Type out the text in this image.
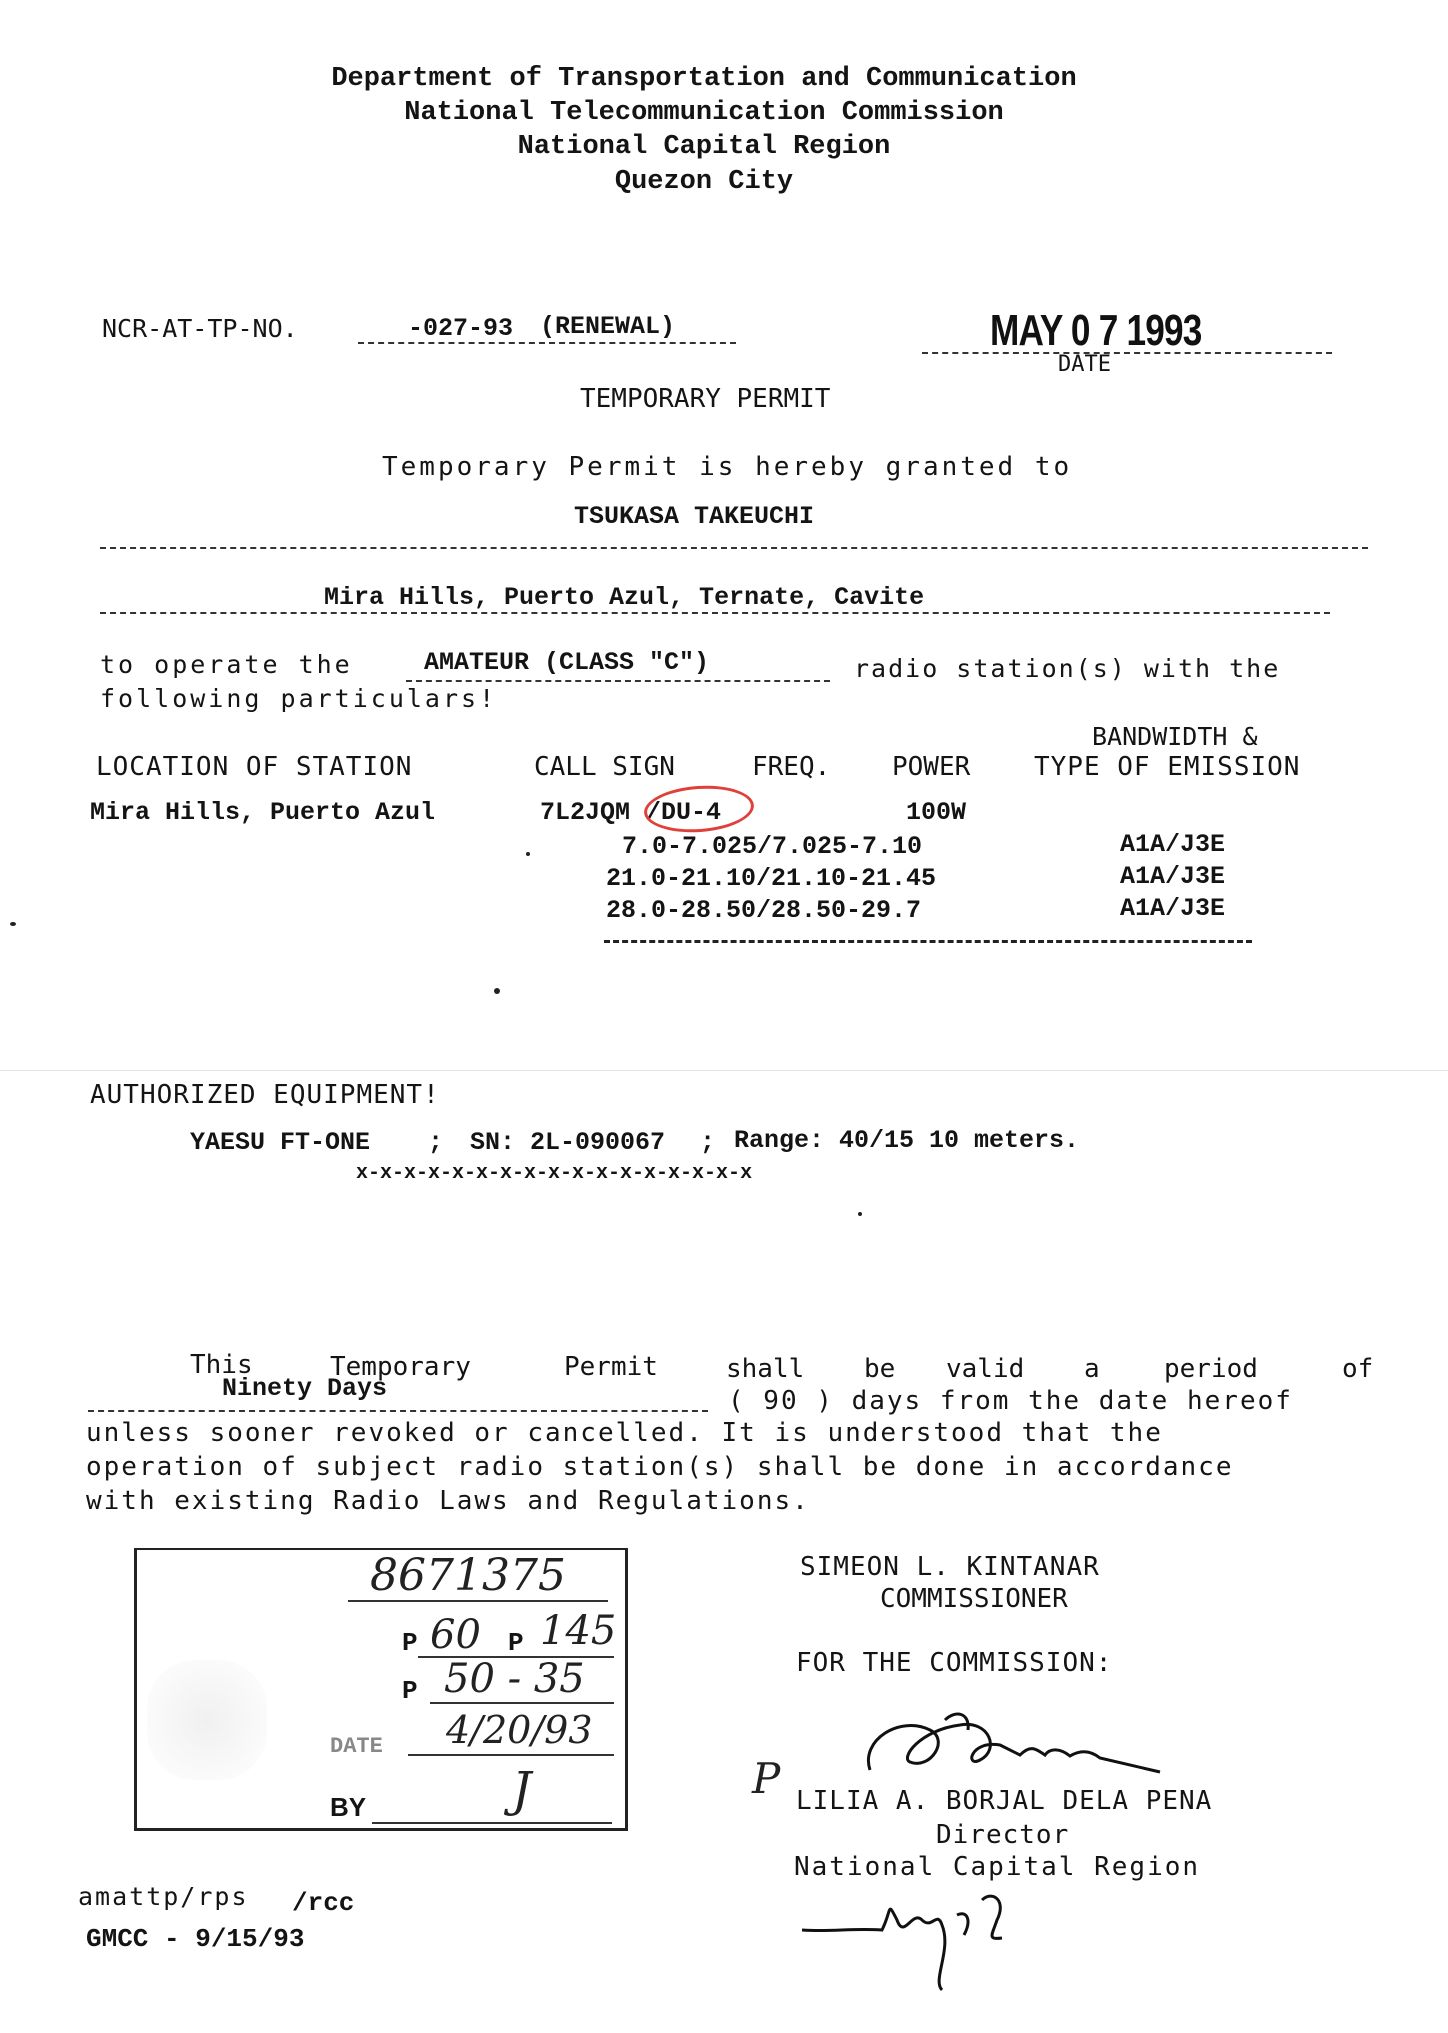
Department of Transportation and Communication
National Telecommunication Commission
National Capital Region
Quezon City
NCR-AT-TP-NO.	-027-93 (RENEWAL)	MAY 0 7 1993
DATE
TEMPORARY PERMIT
Temporary Permit is hereby granted to
TSUKASA TAKEUCHI
Mira Hills, Puerto Azul, Ternate, Cavite
to operate the	AMATEUR (CLASS "C")	radio station(s) with the
following particulars!
BANDWIDTH &
LOCATION OF STATION	CALL SIGN	FREQ. POWER TYPE OF EMISSION
Mira Hills, Puerto Azul	7L2JQM /DU-4	100W
7.0-7.025/7.025-7.10	A1A/J3E
21.0-21.10/21.10-21.45	A1A/J3E
28.0-28.50/28.50-29.7	A1A/J3E
AUTHORIZED EQUIPMENT!
YAESU FT-ONE ; SN: 2L-090067 ; Range: 40/15 10 meters.
x-x-x-x-x-x-x-x-x-x-x-x-x-x-x-x-x
This	Temporary	Permit	shall be valid a period	of
Ninety Days	( 90 ) days from the date hereof
unless sooner revoked or cancelled. It is understood that the
operation of subject radio station(s) shall be done in accordance
with existing Radio Laws and Regulations.
8671375
P 60 P 145
P 50 - 35
DATE 4/20/93
BY	J
SIMEON L. KINTANAR
COMMISSIONER
FOR THE COMMISSION:
P LILIA A. BORJAL DELA PENA
Director
National Capital Region
amattp/rps /rcc
GMCC - 9/15/93
